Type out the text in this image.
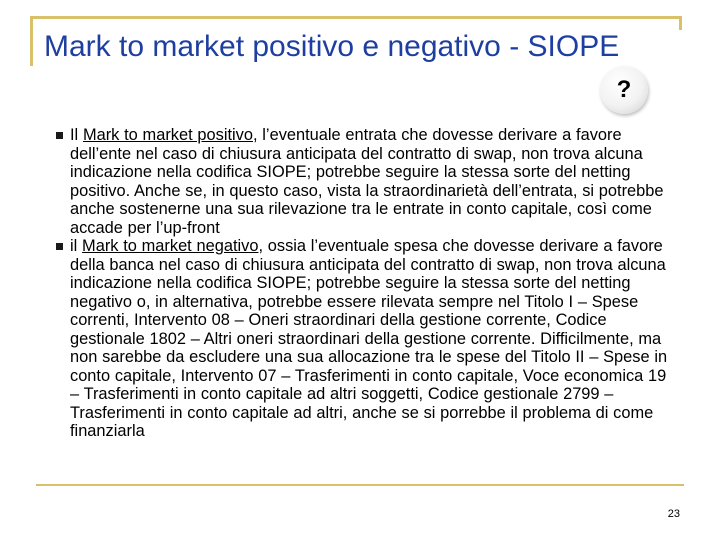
Mark to market positivo e negativo - SIOPE
?
Il Mark to market positivo, l’eventuale entrata che dovesse derivare a favore dell’ente nel caso di chiusura anticipata del contratto di swap, non trova alcuna indicazione nella codifica SIOPE; potrebbe seguire la stessa sorte del netting positivo. Anche se, in questo caso, vista la straordinarietà dell’entrata, si potrebbe anche sostenerne una sua rilevazione tra le entrate in conto capitale, così come accade per l’up-front
il Mark to market negativo, ossia l’eventuale spesa che dovesse derivare a favore della banca nel caso di chiusura anticipata del contratto di swap, non trova alcuna indicazione nella codifica SIOPE; potrebbe seguire la stessa sorte del netting negativo o, in alternativa, potrebbe essere rilevata sempre nel Titolo I – Spese correnti, Intervento 08 – Oneri straordinari della gestione corrente, Codice gestionale 1802 – Altri oneri straordinari della gestione corrente. Difficilmente, ma non sarebbe da escludere una sua allocazione tra le spese del Titolo II – Spese in conto capitale, Intervento 07 – Trasferimenti in conto capitale, Voce economica 19 – Trasferimenti in conto capitale ad altri soggetti, Codice gestionale 2799 – Trasferimenti in conto capitale ad altri, anche se si porrebbe il problema di come finanziarla
23
